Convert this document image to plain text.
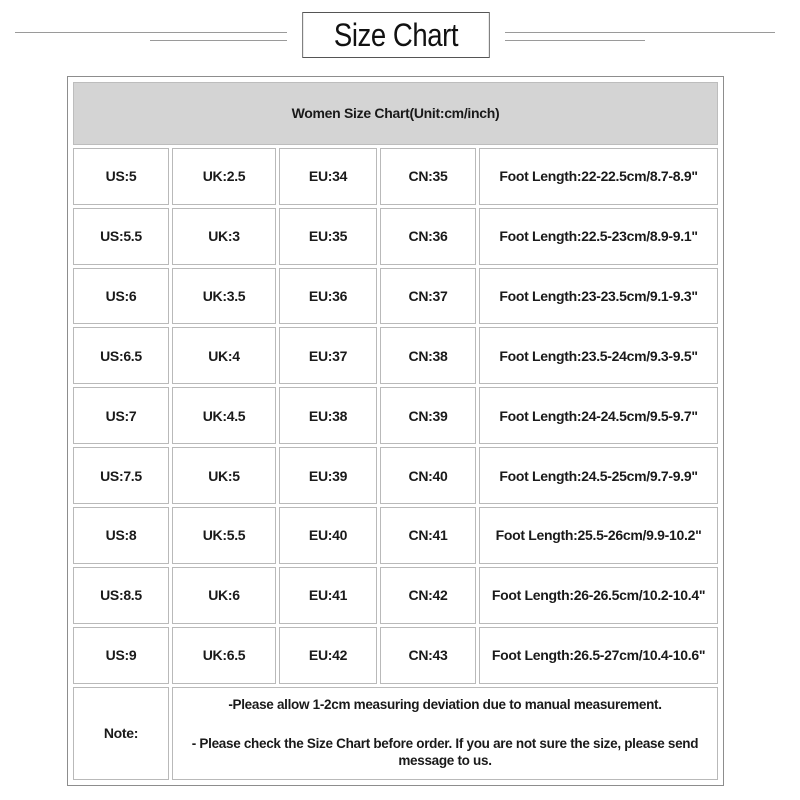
Size Chart
Women Size Chart(Unit:cm/inch)				
US:5	UK:2.5	EU:34	CN:35	Foot Length:22-22.5cm/8.7-8.9"
US:5.5	UK:3	EU:35	CN:36	Foot Length:22.5-23cm/8.9-9.1"
US:6	UK:3.5	EU:36	CN:37	Foot Length:23-23.5cm/9.1-9.3"
US:6.5	UK:4	EU:37	CN:38	Foot Length:23.5-24cm/9.3-9.5"
US:7	UK:4.5	EU:38	CN:39	Foot Length:24-24.5cm/9.5-9.7"
US:7.5	UK:5	EU:39	CN:40	Foot Length:24.5-25cm/9.7-9.9"
US:8	UK:5.5	EU:40	CN:41	Foot Length:25.5-26cm/9.9-10.2"
US:8.5	UK:6	EU:41	CN:42	Foot Length:26-26.5cm/10.2-10.4"
US:9	UK:6.5	EU:42	CN:43	Foot Length:26.5-27cm/10.4-10.6"
Note:	-Please allow 1-2cm measuring deviation due to manual measurement.

- Please check the Size Chart before order. If you are not sure the size, please send message to us.			
